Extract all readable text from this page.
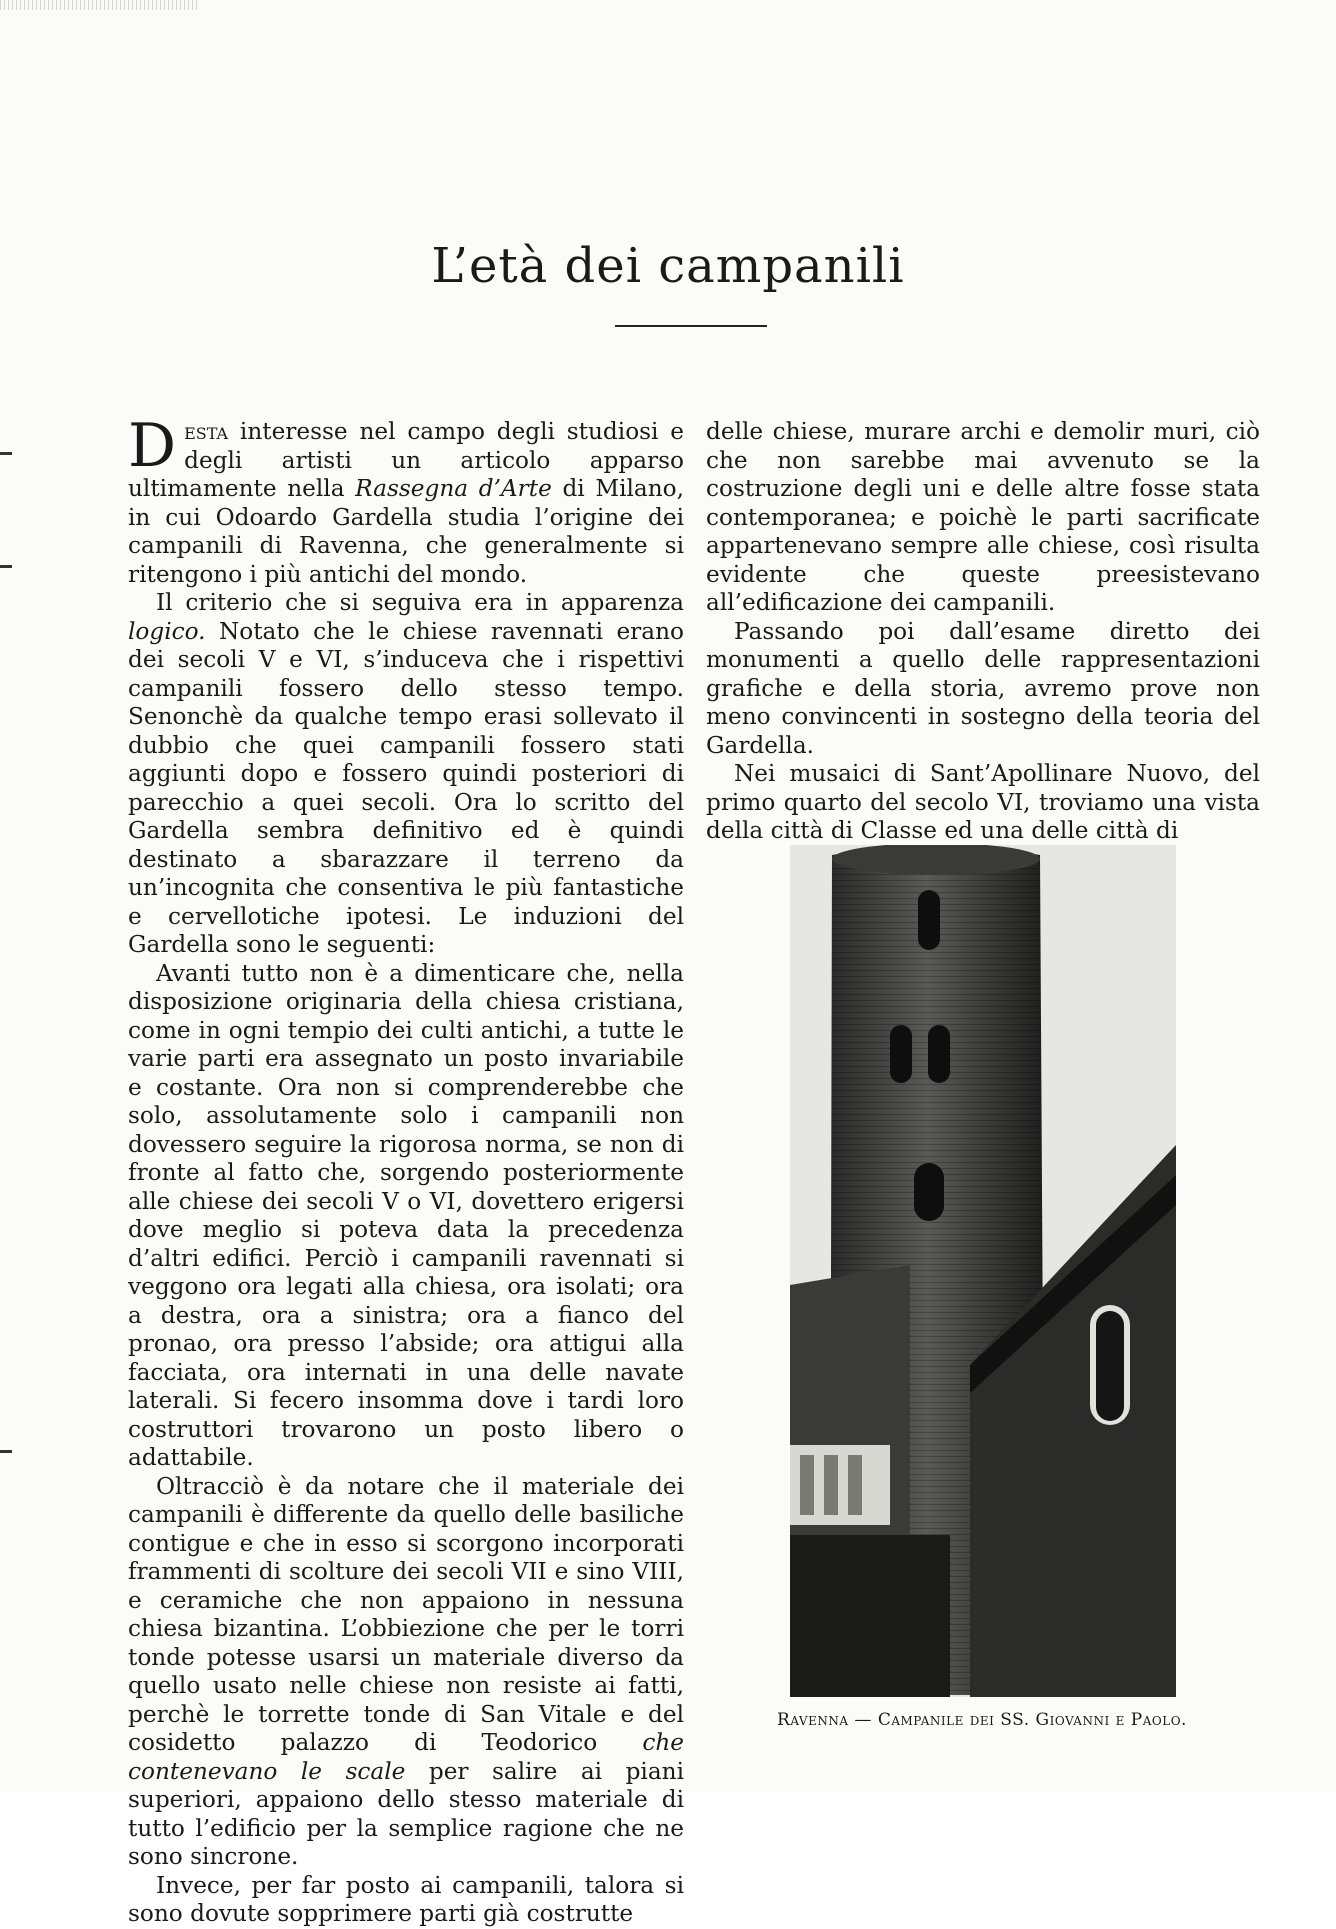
L’età dei campanili

Desta interesse nel campo degli studiosi e degli artisti un articolo apparso ultimamente nella Rassegna d’Arte di Milano, in cui Odoardo Gardella studia l’origine dei campanili di Ravenna, che generalmente si ritengono i più antichi del mondo.

Il criterio che si seguiva era in apparenza logico. Notato che le chiese ravennati erano dei secoli V e VI, s’induceva che i rispettivi campanili fossero dello stesso tempo. Senonchè da qualche tempo erasi sollevato il dubbio che quei campanili fossero stati aggiunti dopo e fossero quindi posteriori di parecchio a quei secoli. Ora lo scritto del Gardella sembra definitivo ed è quindi destinato a sbarazzare il terreno da un’incognita che consentiva le più fantastiche e cervellotiche ipotesi. Le induzioni del Gardella sono le seguenti:

Avanti tutto non è a dimenticare che, nella disposizione originaria della chiesa cristiana, come in ogni tempio dei culti antichi, a tutte le varie parti era assegnato un posto invariabile e costante. Ora non si comprenderebbe che solo, assolutamente solo i campanili non dovessero seguire la rigorosa norma, se non di fronte al fatto che, sorgendo posteriormente alle chiese dei secoli V o VI, dovettero erigersi dove meglio si poteva data la precedenza d’altri edifici. Perciò i campanili ravennati si veggono ora legati alla chiesa, ora isolati; ora a destra, ora a sinistra; ora a fianco del pronao, ora presso l’abside; ora attigui alla facciata, ora internati in una delle navate laterali. Si fecero insomma dove i tardi loro costruttori trovarono un posto libero o adattabile.

Oltracciò è da notare che il materiale dei campanili è differente da quello delle basiliche contigue e che in esso si scorgono incorporati frammenti di scolture dei secoli VII e sino VIII, e ceramiche che non appaiono in nessuna chiesa bizantina. L’obbiezione che per le torri tonde potesse usarsi un materiale diverso da quello usato nelle chiese non resiste ai fatti, perchè le torrette tonde di San Vitale e del cosidetto palazzo di Teodorico che contenevano le scale per salire ai piani superiori, appaiono dello stesso materiale di tutto l’edificio per la semplice ragione che ne sono sincrone.

Invece, per far posto ai campanili, talora si sono dovute sopprimere parti già costrutte

delle chiese, murare archi e demolir muri, ciò che non sarebbe mai avvenuto se la costruzione degli uni e delle altre fosse stata contemporanea; e poichè le parti sacrificate appartenevano sempre alle chiese, così risulta evidente che queste preesistevano all’edificazione dei campanili.

Passando poi dall’esame diretto dei monumenti a quello delle rappresentazioni grafiche e della storia, avremo prove non meno convincenti in sostegno della teoria del Gardella.

Nei musaici di Sant’Apollinare Nuovo, del primo quarto del secolo VI, troviamo una vista della città di Classe ed una delle città di

Ravenna — Campanile dei SS. Giovanni e Paolo.
